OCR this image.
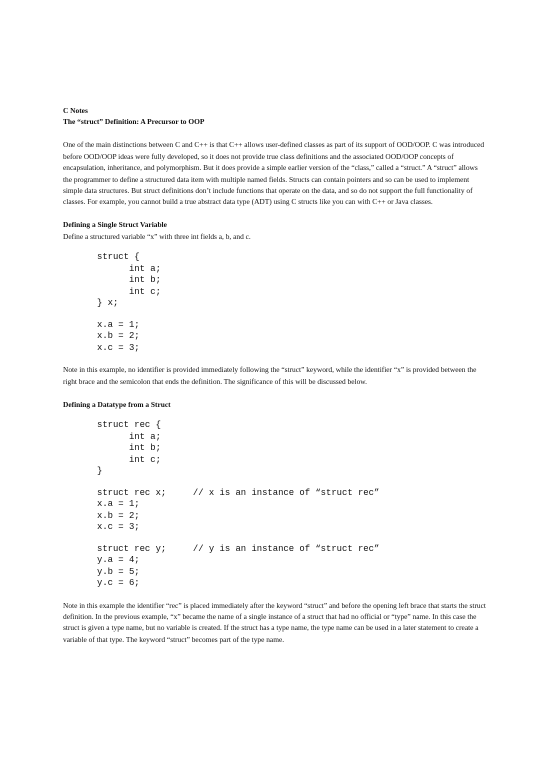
C Notes

The “struct” Definition: A Precursor to OOP

One of the main distinctions between C and C++ is that C++ allows user-defined classes as part of its support of OOD/OOP. C was introduced before OOD/OOP ideas were fully developed, so it does not provide true class definitions and the associated OOD/OOP concepts of encapsulation, inheritance, and polymorphism. But it does provide a simple earlier version of the “class,” called a “struct.” A “struct” allows the programmer to define a structured data item with multiple named fields. Structs can contain pointers and so can be used to implement simple data structures. But struct definitions don’t include functions that operate on the data, and so do not support the full functionality of classes. For example, you cannot build a true abstract data type (ADT) using C structs like you can with C++ or Java classes.

Defining a Single Struct Variable

Define a structured variable “x” with three int fields a, b, and c.

struct {
int a;
int b;
int c;
} x;
x.a = 1;
x.b = 2;
x.c = 3;

Note in this example, no identifier is provided immediately following the “struct” keyword, while the identifier “x” is provided between the right brace and the semicolon that ends the definition. The significance of this will be discussed below.

Defining a Datatype from a Struct

struct rec {
int a;
int b;
int c;
}
struct rec x;     // x is an instance of “struct rec”
x.a = 1;
x.b = 2;
x.c = 3;
struct rec y;     // y is an instance of “struct rec”
y.a = 4;
y.b = 5;
y.c = 6;

Note in this example the identifier “rec” is placed immediately after the keyword “struct” and before the opening left brace that starts the struct definition. In the previous example, “x” became the name of a single instance of a struct that had no official or “type” name. In this case the struct is given a type name, but no variable is created. If the struct has a type name, the type name can be used in a later statement to create a variable of that type. The keyword “struct” becomes part of the type name.
